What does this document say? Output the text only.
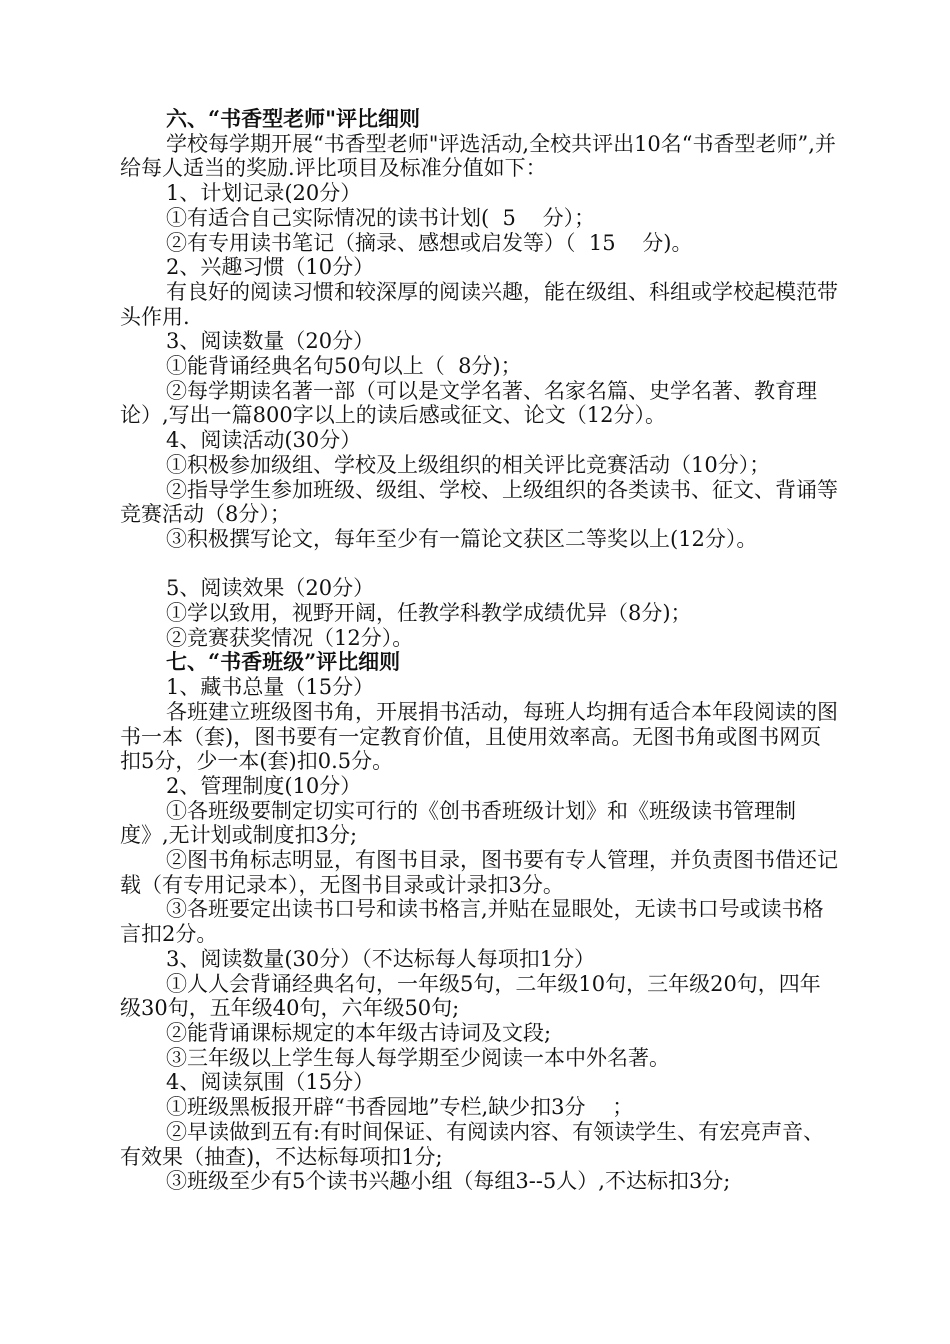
六、“书香型老师"评比细则

学校每学期开展“书香型老师"评选活动,全校共评出10名“书香型老师”,并给每人适当的奖励.评比项目及标准分值如下：

1、计划记录(20分）

①有适合自己实际情况的读书计划(  5    分）；

②有专用读书笔记（摘录、感想或启发等）（  15    分)。

2、兴趣习惯（10分）

有良好的阅读习惯和较深厚的阅读兴趣，能在级组、科组或学校起模范带头作用.

3、阅读数量（20分）

①能背诵经典名句50句以上（  8分)；

②每学期读名著一部（可以是文学名著、名家名篇、史学名著、教育理论）,写出一篇800字以上的读后感或征文、论文（12分）。

4、阅读活动(30分）

①积极参加级组、学校及上级组织的相关评比竞赛活动（10分）；

②指导学生参加班级、级组、学校、上级组织的各类读书、征文、背诵等竞赛活动（8分）；

③积极撰写论文，每年至少有一篇论文获区二等奖以上(12分）。

5、阅读效果（20分）

①学以致用，视野开阔，任教学科教学成绩优异（8分)；

②竞赛获奖情况（12分）。

七、“书香班级”评比细则

1、藏书总量（15分）

各班建立班级图书角，开展捐书活动，每班人均拥有适合本年段阅读的图书一本（套)，图书要有一定教育价值，且使用效率高。无图书角或图书网页扣5分，少一本(套)扣0.5分。

2、管理制度(10分）

①各班级要制定切实可行的《创书香班级计划》和《班级读书管理制度》,无计划或制度扣3分;

②图书角标志明显，有图书目录，图书要有专人管理，并负责图书借还记载（有专用记录本），无图书目录或计录扣3分。

③各班要定出读书口号和读书格言,并贴在显眼处，无读书口号或读书格言扣2分。

3、阅读数量(30分）（不达标每人每项扣1分）

①人人会背诵经典名句，一年级5句，二年级10句，三年级20句，四年级30句，五年级40句，六年级50句;

②能背诵课标规定的本年级古诗词及文段;

③三年级以上学生每人每学期至少阅读一本中外名著。

4、阅读氛围（15分）

①班级黑板报开辟“书香园地”专栏,缺少扣3分    ；

②早读做到五有:有时间保证、有阅读内容、有领读学生、有宏亮声音、有效果（抽查)，不达标每项扣1分;

③班级至少有5个读书兴趣小组（每组3--5人）,不达标扣3分;
